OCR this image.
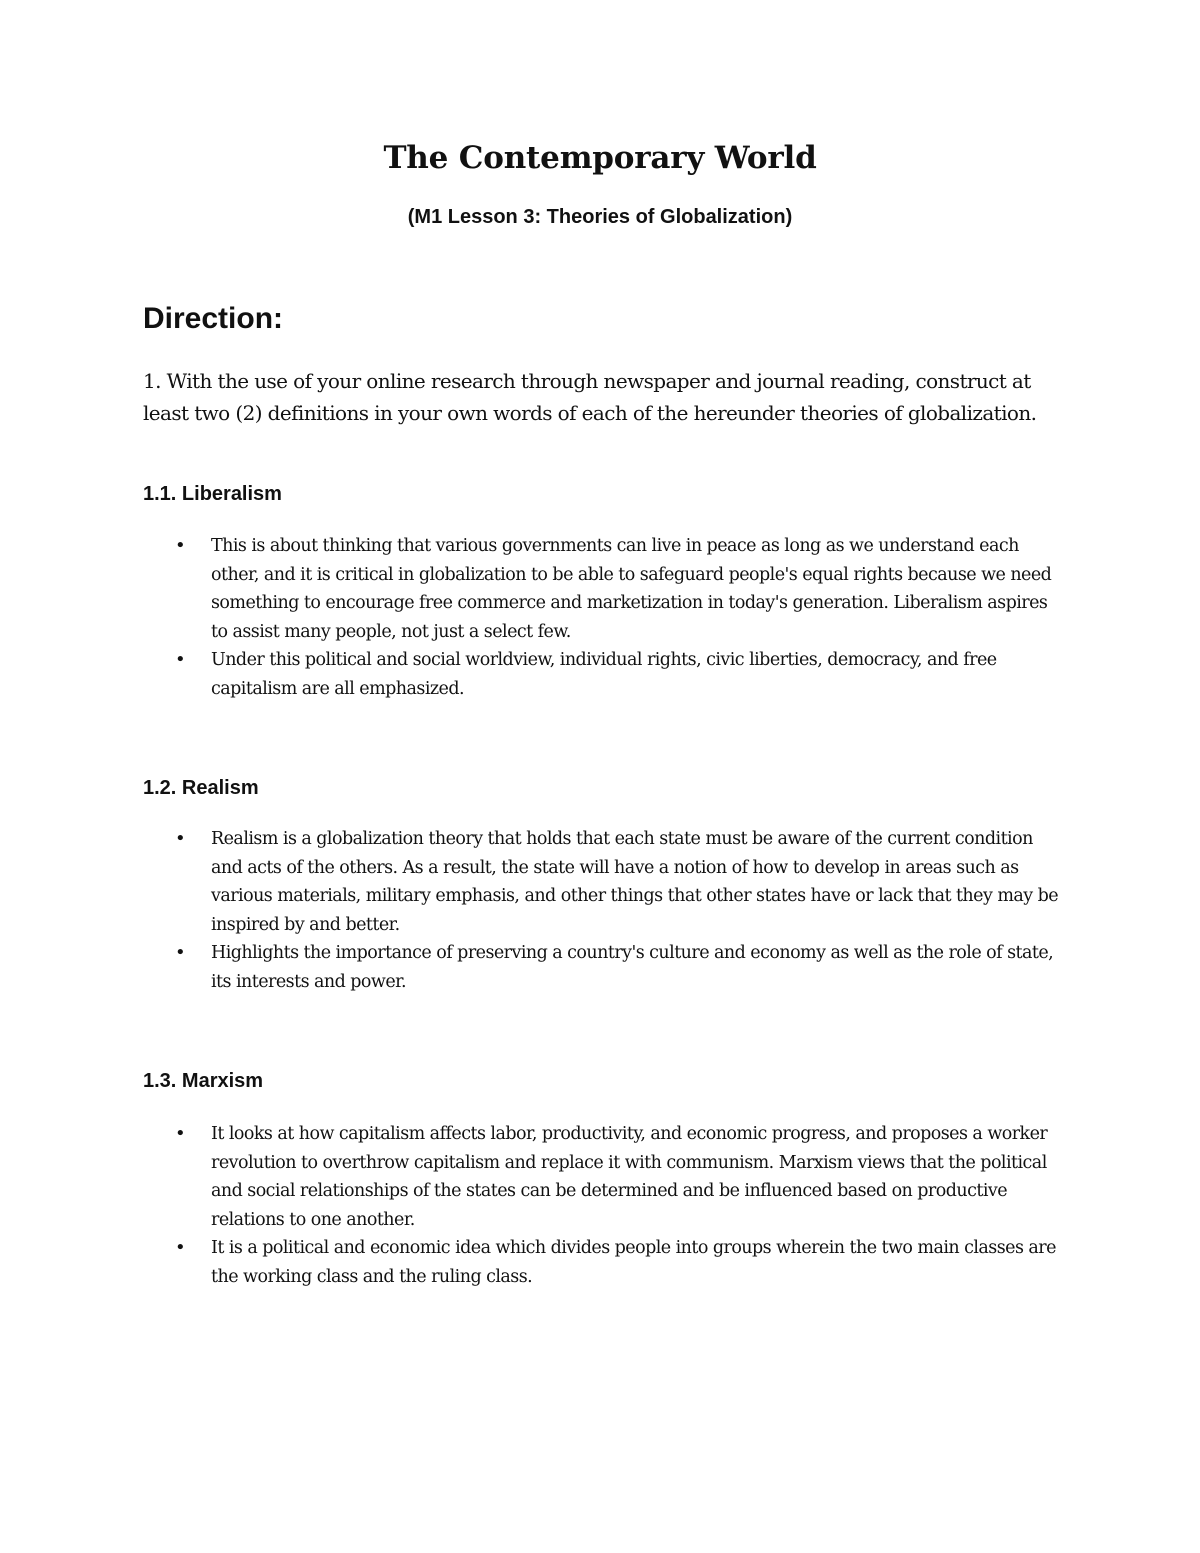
The Contemporary World
(M1 Lesson 3: Theories of Globalization)
Direction:

1. With the use of your online research through newspaper and journal reading, construct at least two (2) definitions in your own words of each of the hereunder theories of globalization.

1.1. Liberalism
• This is about thinking that various governments can live in peace as long as we understand each other, and it is critical in globalization to be able to safeguard people's equal rights because we need something to encourage free commerce and marketization in today's generation. Liberalism aspires to assist many people, not just a select few.
• Under this political and social worldview, individual rights, civic liberties, democracy, and free capitalism are all emphasized.
1.2. Realism
• Realism is a globalization theory that holds that each state must be aware of the current condition and acts of the others. As a result, the state will have a notion of how to develop in areas such as various materials, military emphasis, and other things that other states have or lack that they may be inspired by and better.
• Highlights the importance of preserving a country's culture and economy as well as the role of state, its interests and power.
1.3. Marxism
• It looks at how capitalism affects labor, productivity, and economic progress, and proposes a worker revolution to overthrow capitalism and replace it with communism. Marxism views that the political and social relationships of the states can be determined and be influenced based on productive relations to one another.
• It is a political and economic idea which divides people into groups wherein the two main classes are the working class and the ruling class.
